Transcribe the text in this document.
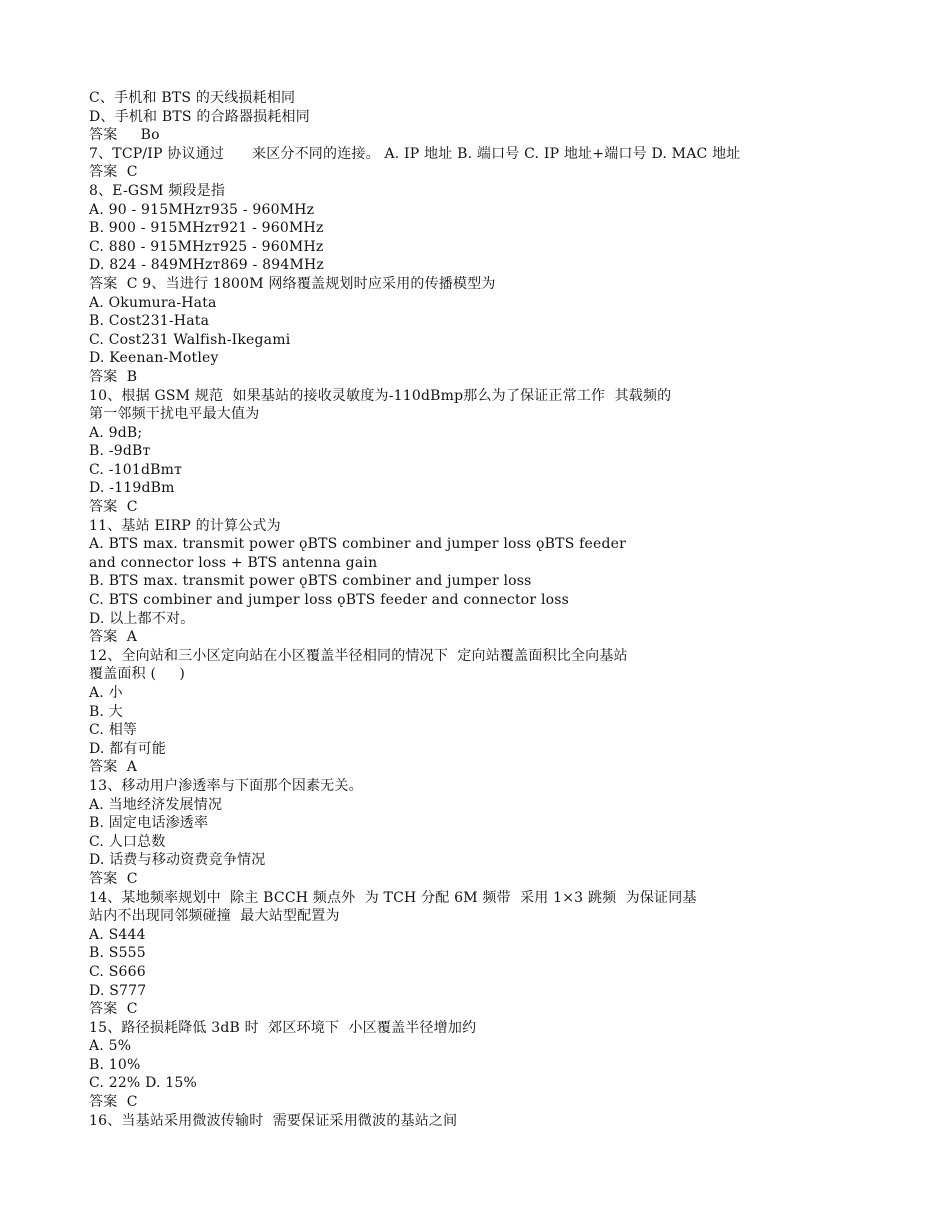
C、手机和 BTS 的天线损耗相同
D、手机和 BTS 的合路器损耗相同
答案     Bo
7、TCP/IP 协议通过      来区分不同的连接。 A. IP 地址 B. 端口号 C. IP 地址+端口号 D. MAC 地址
答案  C
8、E-GSM 频段是指
A. 90 - 915MHzт935 - 960MHz
B. 900 - 915MHzт921 - 960MHz
C. 880 - 915MHzт925 - 960MHz
D. 824 - 849MHzт869 - 894MHz
答案  C 9、当进行 1800M 网络覆盖规划时应采用的传播模型为
A. Okumura-Hata
B. Cost231-Hata
C. Cost231 Walfish-Ikegami
D. Keenan-Motley
答案  B
10、根据 GSM 规范  如果基站的接收灵敏度为-110dBmр那么为了保证正常工作  其载频的
第一邻频干扰电平最大值为
A. 9dB;
B. -9dBт
C. -101dBmт
D. -119dBm
答案  C
11、基站 EIRP 的计算公式为
A. BTS max. transmit power ǫBTS combiner and jumper loss ǫBTS feeder
and connector loss + BTS antenna gain
B. BTS max. transmit power ǫBTS combiner and jumper loss
C. BTS combiner and jumper loss ǫBTS feeder and connector loss
D. 以上都不对。
答案  A
12、全向站和三小区定向站在小区覆盖半径相同的情况下  定向站覆盖面积比全向基站
覆盖面积 (     )
A. 小
B. 大
C. 相等
D. 都有可能
答案  A
13、移动用户渗透率与下面那个因素无关。
A. 当地经济发展情况
B. 固定电话渗透率
C. 人口总数
D. 话费与移动资费竞争情况
答案  C
14、某地频率规划中  除主 BCCH 频点外  为 TCH 分配 6M 频带  采用 1×3 跳频  为保证同基
站内不出现同邻频碰撞  最大站型配置为
A. S444
B. S555
C. S666
D. S777
答案  C
15、路径损耗降低 3dB 时  郊区环境下  小区覆盖半径增加约
A. 5%
B. 10%
C. 22% D. 15%
答案  C
16、当基站采用微波传输时  需要保证采用微波的基站之间
